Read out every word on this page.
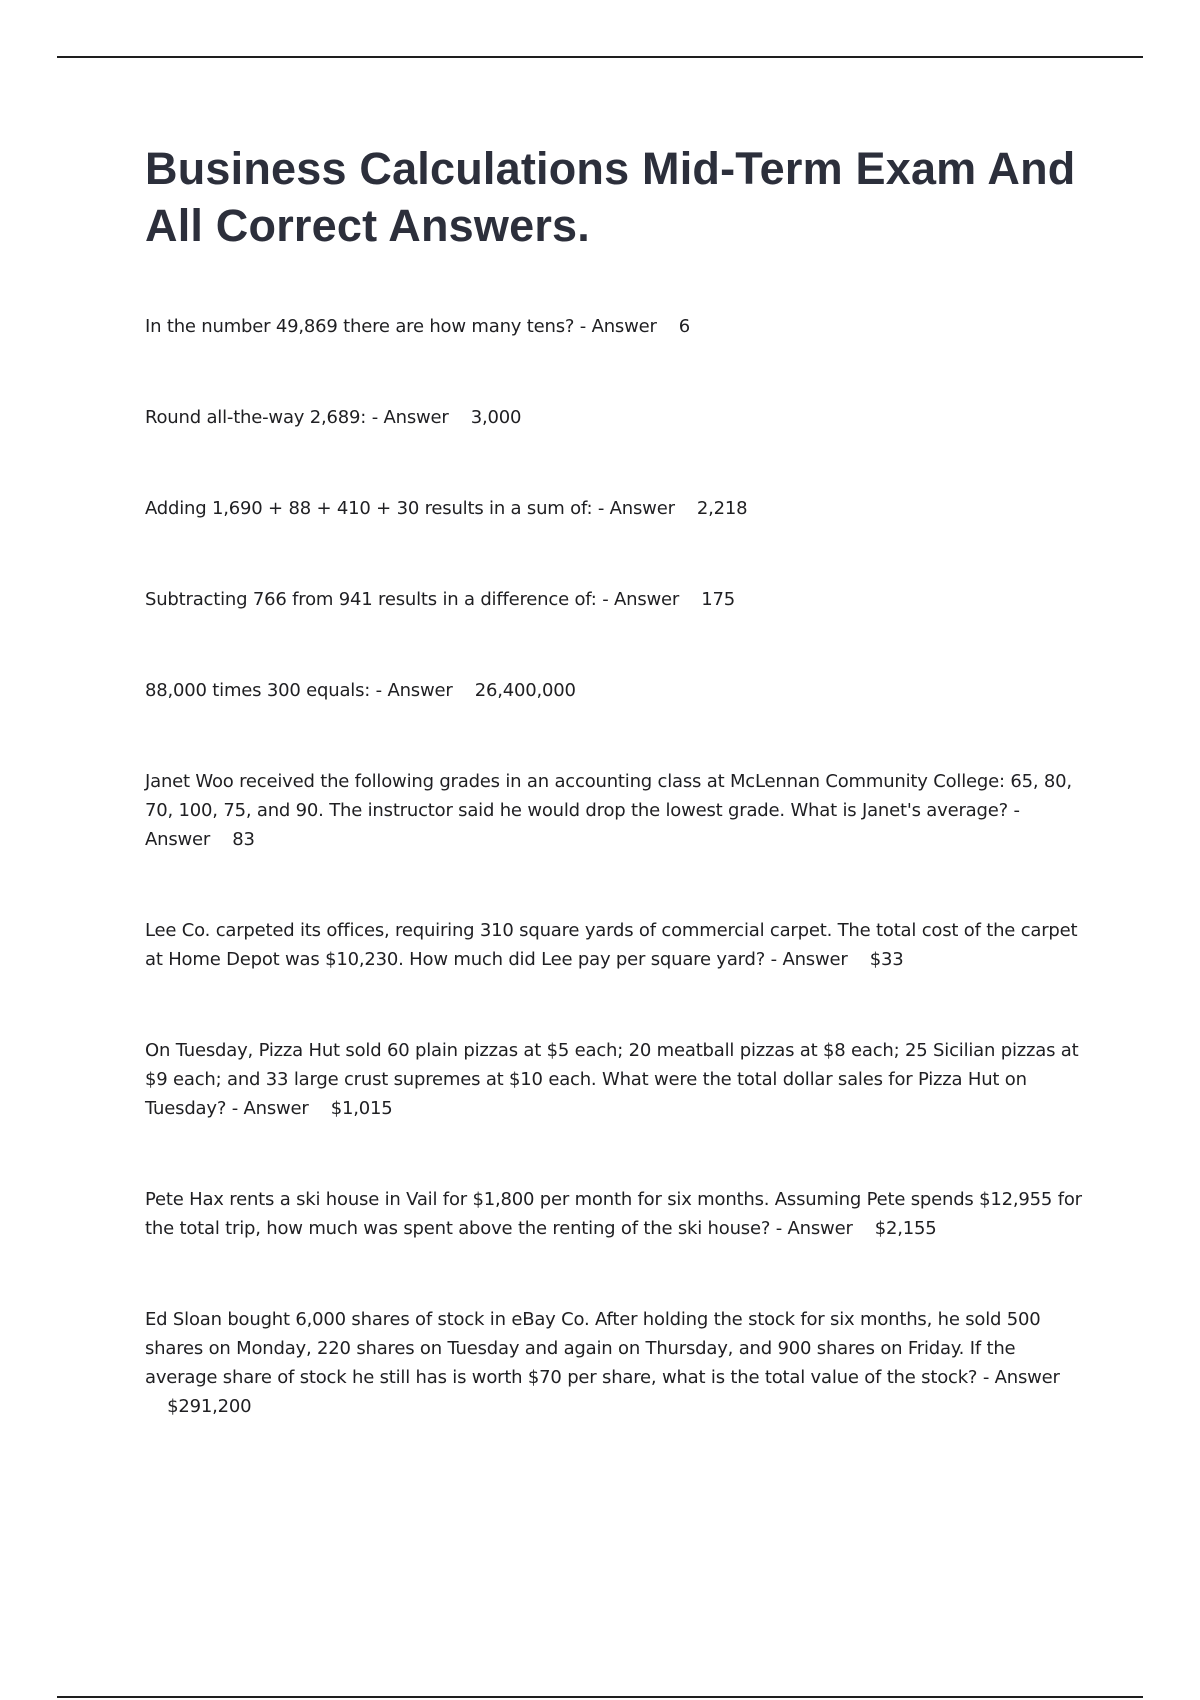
Business Calculations Mid-Term Exam And All Correct Answers.

In the number 49,869 there are how many tens? - Answer 6

Round all-the-way 2,689: - Answer 3,000

Adding 1,690 + 88 + 410 + 30 results in a sum of: - Answer 2,218

Subtracting 766 from 941 results in a difference of: - Answer 175

88,000 times 300 equals: - Answer 26,400,000

Janet Woo received the following grades in an accounting class at McLennan Community College: 65, 80, 70, 100, 75, and 90. The instructor said he would drop the lowest grade. What is Janet's average? - Answer 83

Lee Co. carpeted its offices, requiring 310 square yards of commercial carpet. The total cost of the carpet at Home Depot was $10,230. How much did Lee pay per square yard? - Answer $33

On Tuesday, Pizza Hut sold 60 plain pizzas at $5 each; 20 meatball pizzas at $8 each; 25 Sicilian pizzas at $9 each; and 33 large crust supremes at $10 each. What were the total dollar sales for Pizza Hut on Tuesday? - Answer $1,015

Pete Hax rents a ski house in Vail for $1,800 per month for six months. Assuming Pete spends $12,955 for the total trip, how much was spent above the renting of the ski house? - Answer $2,155

Ed Sloan bought 6,000 shares of stock in eBay Co. After holding the stock for six months, he sold 500 shares on Monday, 220 shares on Tuesday and again on Thursday, and 900 shares on Friday. If the average share of stock he still has is worth $70 per share, what is the total value of the stock? - Answer    $291,200
